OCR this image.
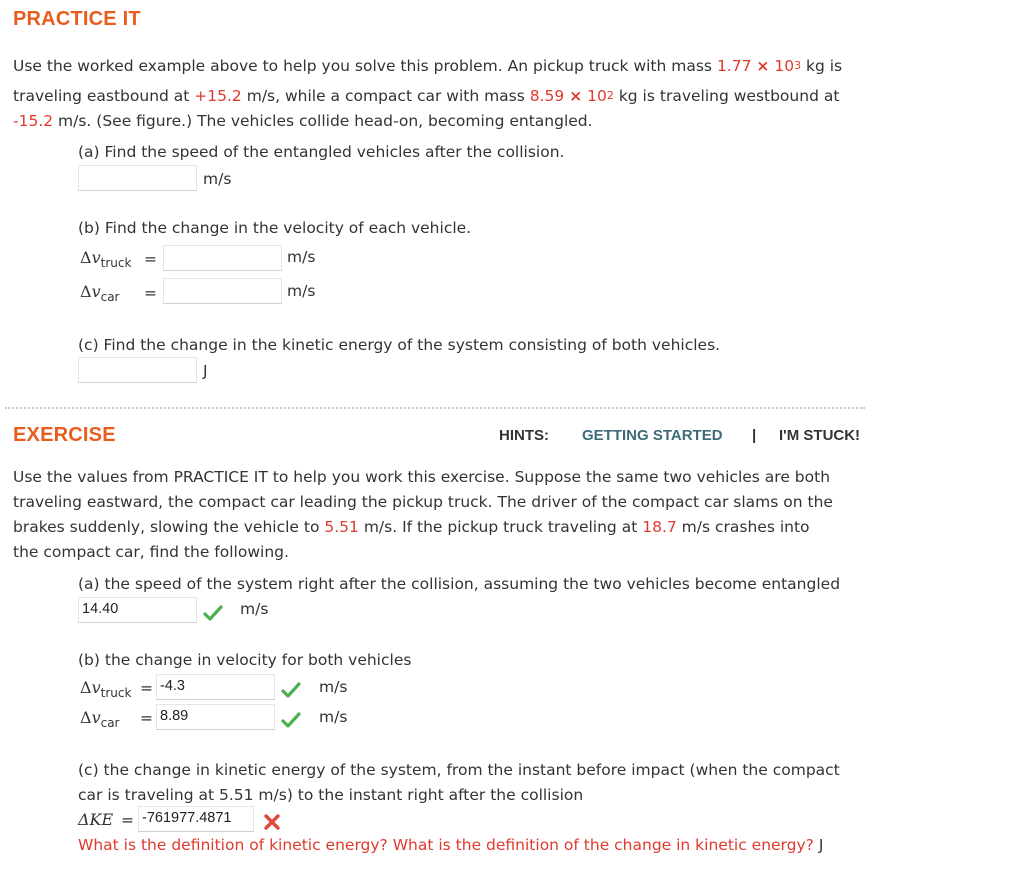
PRACTICE IT
Use the worked example above to help you solve this problem. An pickup truck with mass $1.77 \times 10^3$ kg is
traveling eastbound at +15.2 m/s, while a compact car with mass $8.59 \times 10^2$ kg is traveling westbound at
-15.2 m/s. (See figure.) The vehicles collide head-on, becoming entangled.
(a) Find the speed of the entangled vehicles after the collision.
m/s
(b) Find the change in the velocity of each vehicle.
$\Delta v_{truck}$ =	m/s
$\Delta v_{car}$ =	m/s
(c) Find the change in the kinetic energy of the system consisting of both vehicles.
J
EXERCISE	HINTS: GETTING STARTED | I'M STUCK!
Use the values from PRACTICE IT to help you work this exercise. Suppose the same two vehicles are both
traveling eastward, the compact car leading the pickup truck. The driver of the compact car slams on the
brakes suddenly, slowing the vehicle to 5.51 m/s. If the pickup truck traveling at 18.7 m/s crashes into
the compact car, find the following.
(a) the speed of the system right after the collision, assuming the two vehicles become entangled
14.40	m/s
(b) the change in velocity for both vehicles
$\Delta v_{truck} = -4.3$	m/s
$\Delta v_{car} = 8.89$	m/s
(c) the change in kinetic energy of the system, from the instant before impact (when the compact
car is traveling at 5.51 m/s) to the instant right after the collision
ΔKE = -761977.4871
What is the definition of kinetic energy? What is the definition of the change in kinetic energy? J
